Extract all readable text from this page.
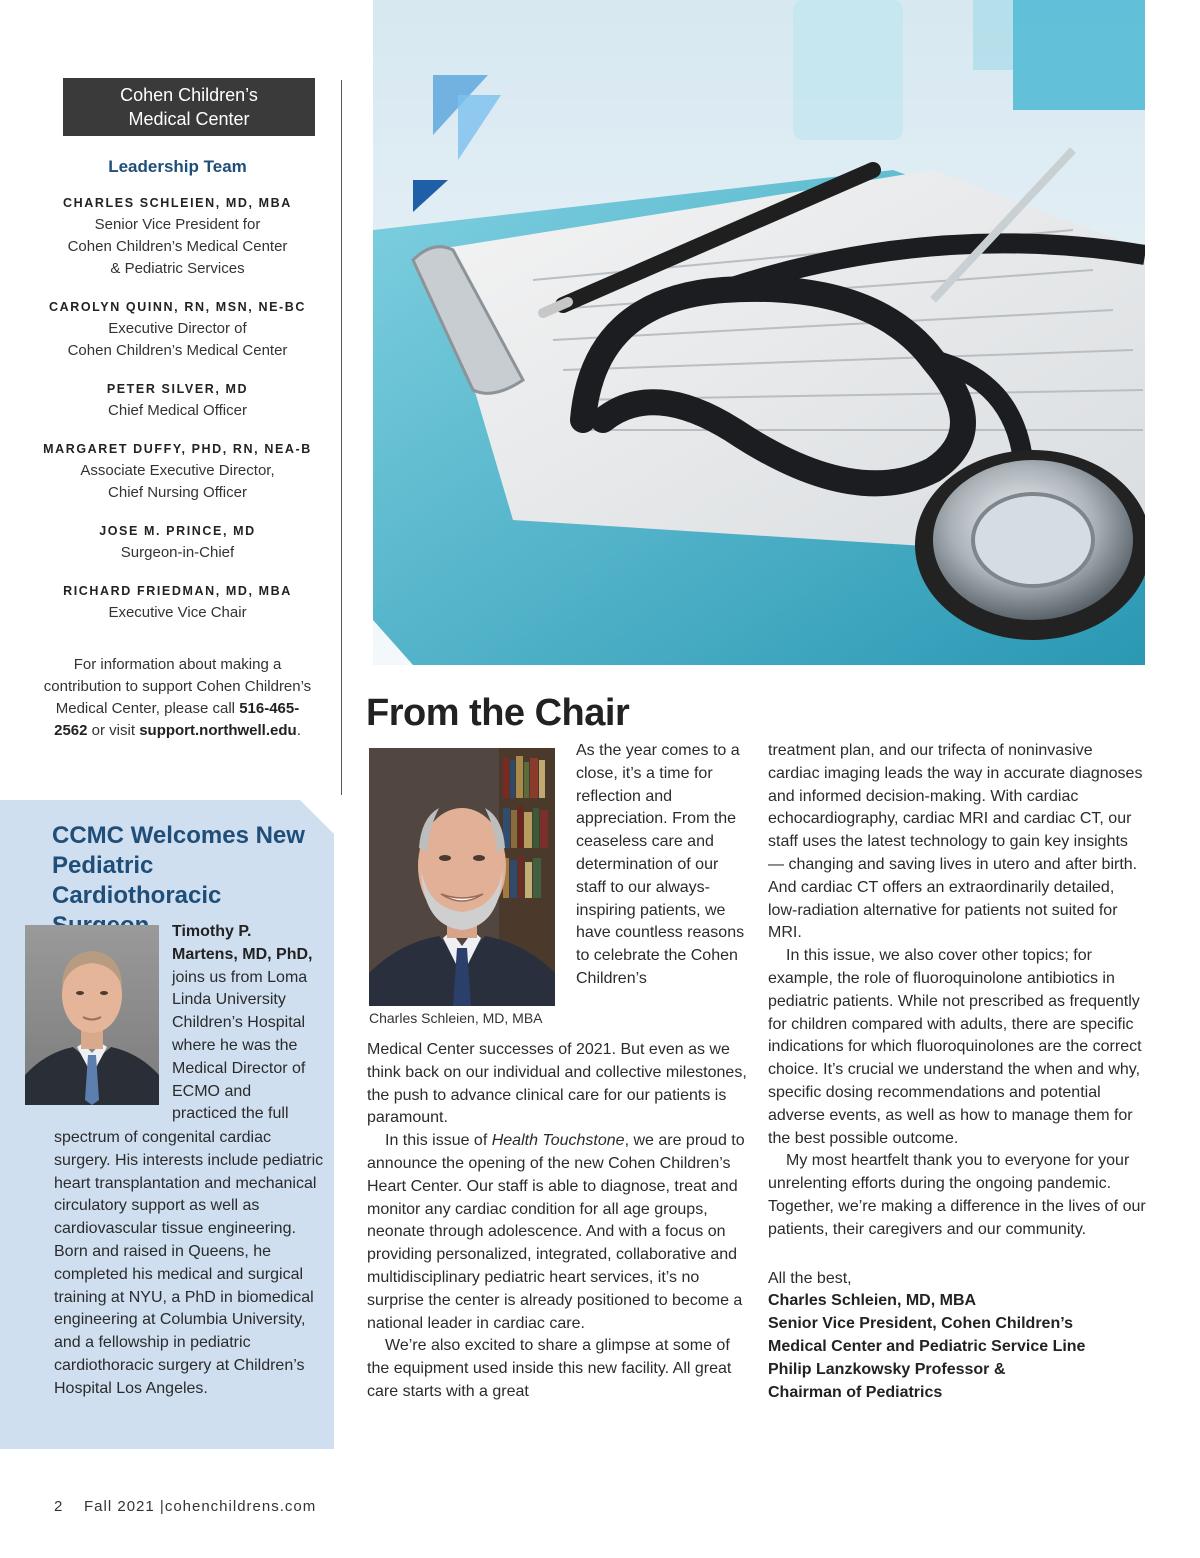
Cohen Children’s
Medical Center
Leadership Team
CHARLES SCHLEIEN, MD, MBA
Senior Vice President for
Cohen Children’s Medical Center
& Pediatric Services
CAROLYN QUINN, RN, MSN, NE-BC
Executive Director of
Cohen Children’s Medical Center
PETER SILVER, MD
Chief Medical Officer
MARGARET DUFFY, PHD, RN, NEA-B
Associate Executive Director,
Chief Nursing Officer
JOSE M. PRINCE, MD
Surgeon-in-Chief
RICHARD FRIEDMAN, MD, MBA
Executive Vice Chair
For information about making a contribution to support Cohen Children’s Medical Center, please call 516-465-2562 or visit support.northwell.edu.
CCMC Welcomes New Pediatric Cardiothoracic
Timothy P. Martens, MD, PhD, joins us from Loma Linda University Children’s Hospital where he was the Medical Director of ECMO and practiced the full
spectrum of congenital cardiac surgery. His interests include pediatric heart transplantation and mechanical circulatory support as well as cardiovascular tissue engineering. Born and raised in Queens, he completed his medical and surgical training at NYU, a PhD in biomedical engineering at Columbia University, and a fellowship in pediatric cardiothoracic surgery at Children’s Hospital Los Angeles.
From the Chair
Charles Schleien, MD, MBA
As the year comes to a close, it’s a time for reflection and appreciation. From the ceaseless care and determination of our staff to our always-inspiring patients, we have countless reasons to celebrate the Cohen Children’s

Medical Center successes of 2021. But even as we think back on our individual and collective milestones, the push to advance clinical care for our patients is paramount.

In this issue of Health Touchstone, we are proud to announce the opening of the new Cohen Children’s Heart Center. Our staff is able to diagnose, treat and monitor any cardiac condition for all age groups, neonate through adolescence. And with a focus on providing personalized, integrated, collaborative and multidisciplinary pediatric heart services, it’s no surprise the center is already positioned to become a national leader in cardiac care.

We’re also excited to share a glimpse at some of the equipment used inside this new facility. All great care starts with a great

treatment plan, and our trifecta of noninvasive cardiac imaging leads the way in accurate diagnoses and informed decision-making. With cardiac echocardiography, cardiac MRI and cardiac CT, our staff uses the latest technology to gain key insights — changing and saving lives in utero and after birth. And cardiac CT offers an extraordinarily detailed, low-radiation alternative for patients not suited for MRI.

In this issue, we also cover other topics; for example, the role of fluoroquinolone antibiotics in pediatric patients. While not prescribed as frequently for children compared with adults, there are specific indications for which fluoroquinolones are the correct choice. It’s crucial we understand the when and why, specific dosing recommendations and potential adverse events, as well as how to manage them for the best possible outcome.

My most heartfelt thank you to everyone for your unrelenting efforts during the ongoing pandemic. Together, we’re making a difference in the lives of our patients, their caregivers and our community.

All the best,
Charles Schleien, MD, MBA
Senior Vice President, Cohen Children’s
Medical Center and Pediatric Service Line
Philip Lanzkowsky Professor &
Chairman of Pediatrics
2 Fall 2021 |cohenchildrens.com
